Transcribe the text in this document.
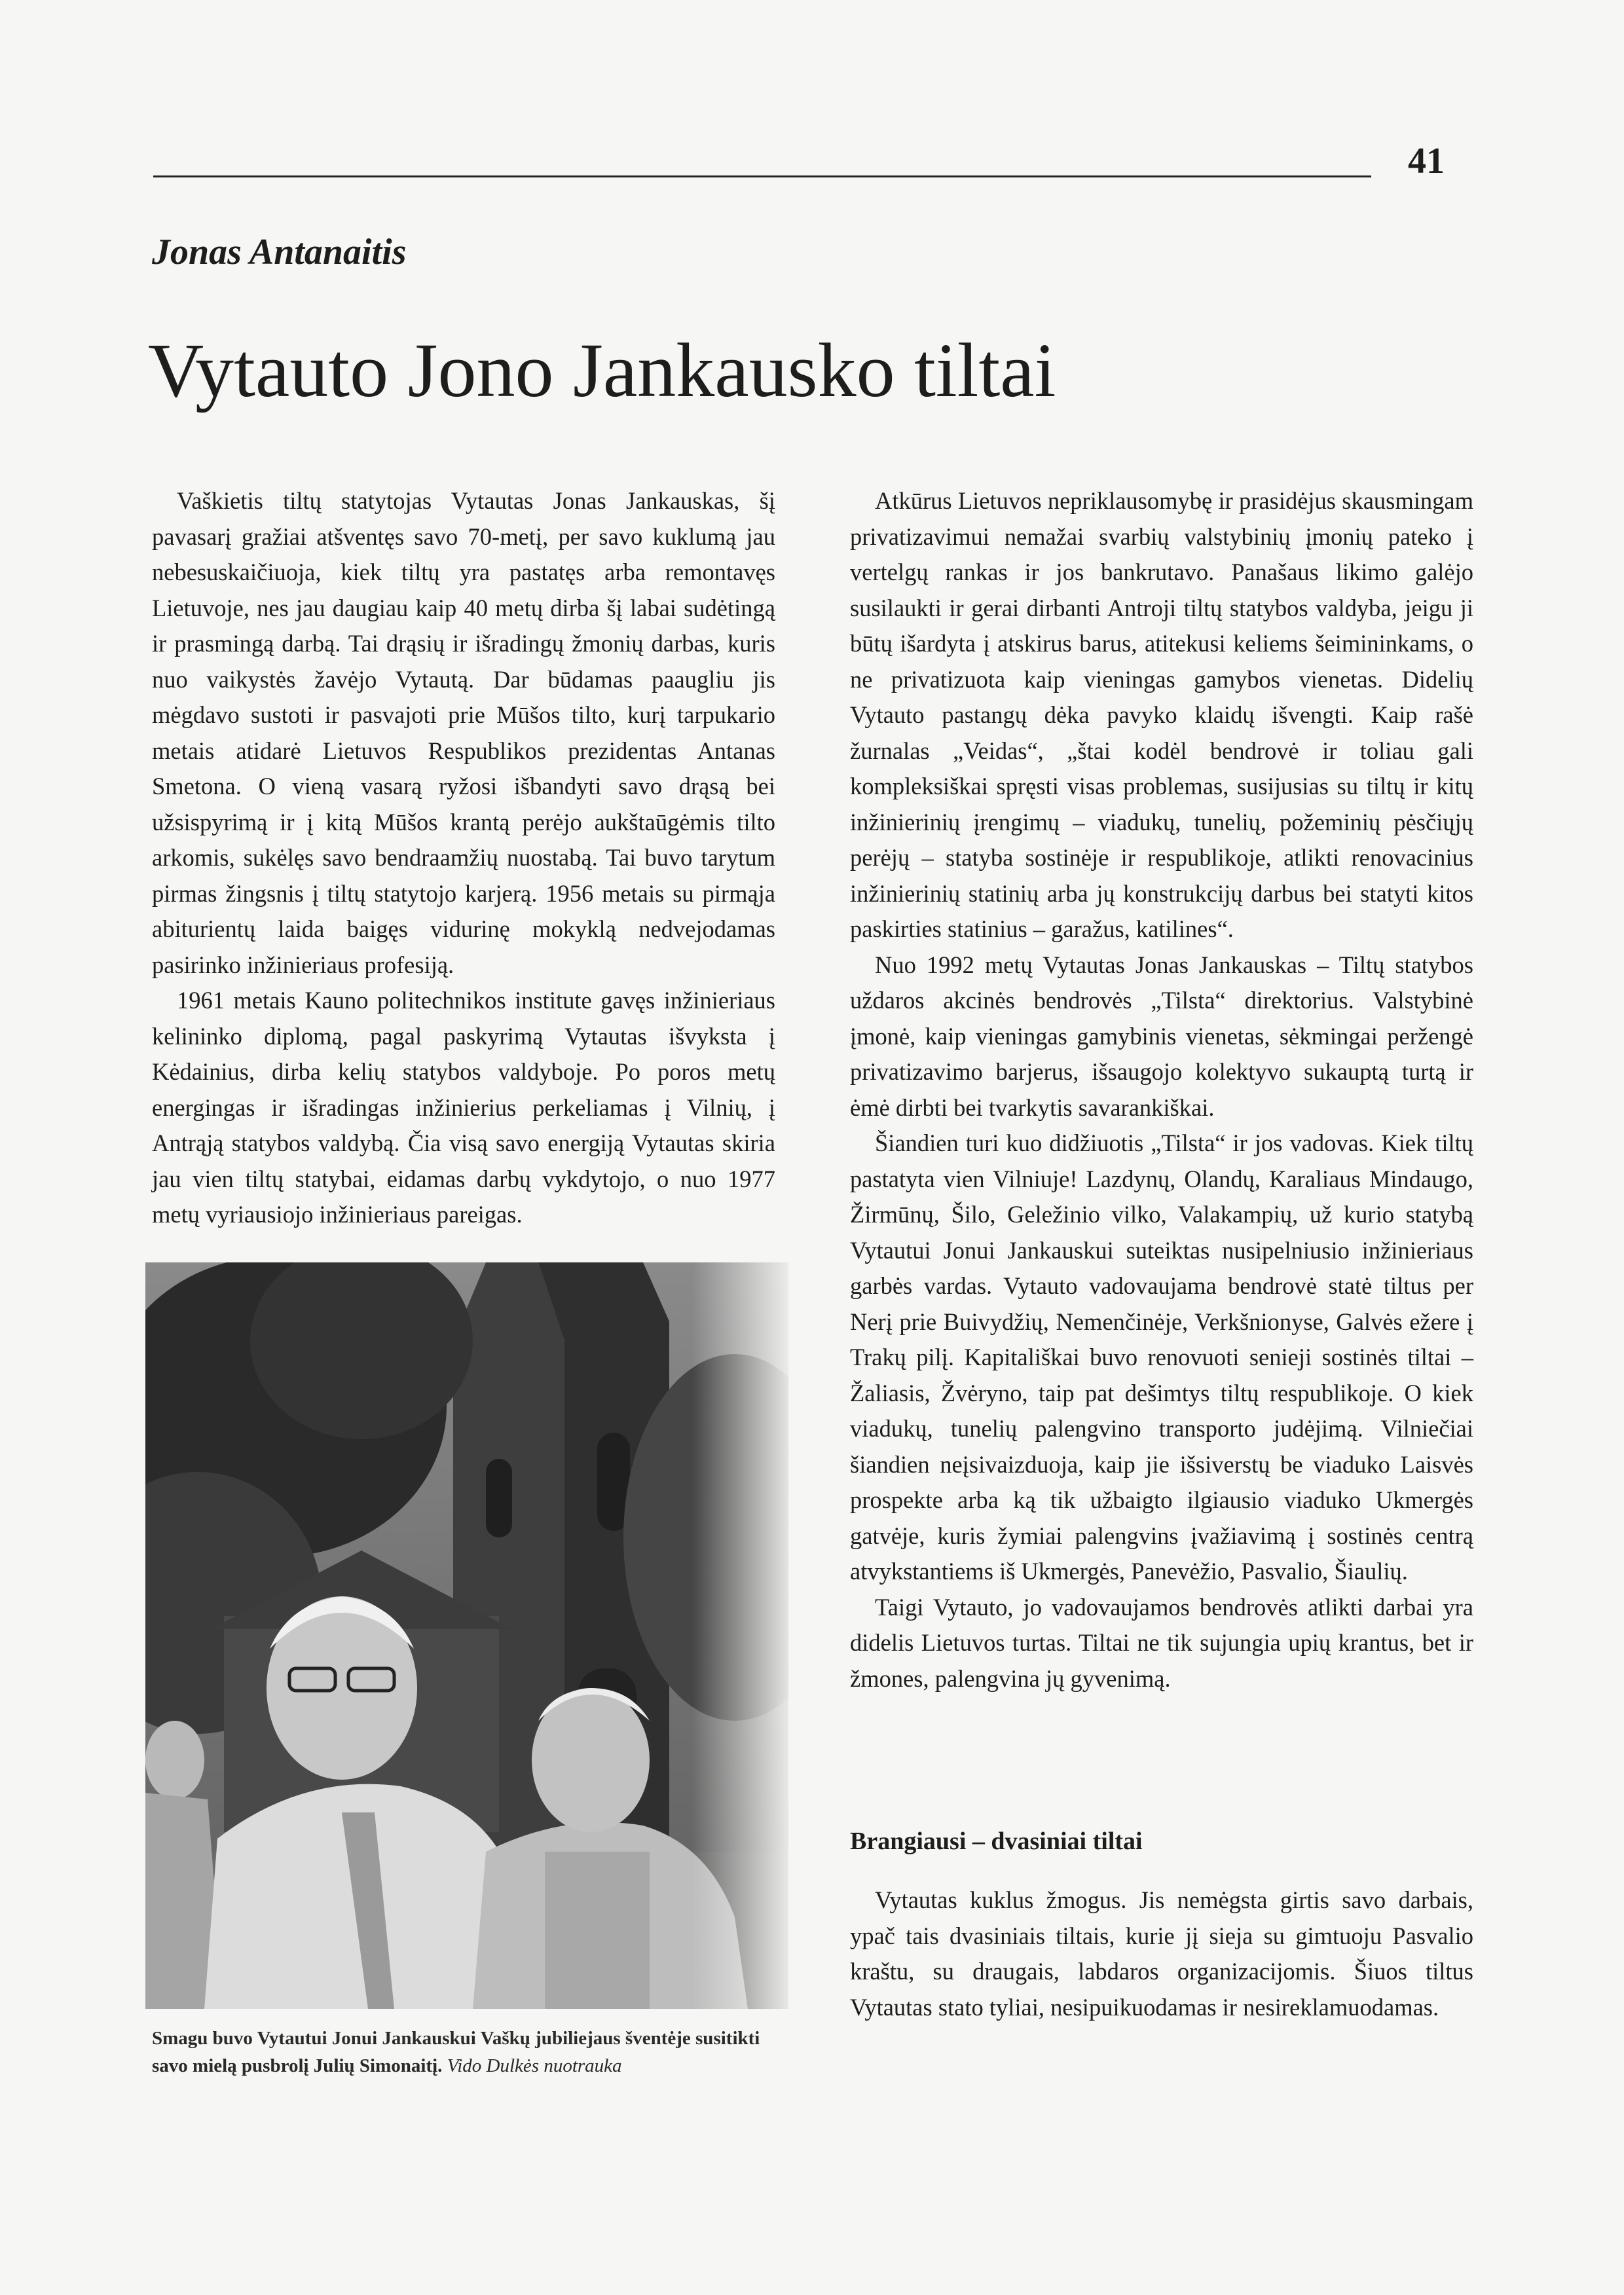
41
Jonas Antanaitis
Vytauto Jono Jankausko tiltai

Vaškietis tiltų statytojas Vytautas Jonas Jankauskas, šį pavasarį gražiai atšventęs savo 70-metį, per savo kuklumą jau nebesuskaičiuoja, kiek tiltų yra pastatęs arba remontavęs Lietuvoje, nes jau daugiau kaip 40 metų dirba šį labai sudėtingą ir prasmingą darbą. Tai drąsių ir išradingų žmonių darbas, kuris nuo vaikystės žavėjo Vytautą. Dar būdamas paaugliu jis mėgdavo sustoti ir pasvajoti prie Mūšos tilto, kurį tarpukario metais atidarė Lietuvos Respublikos prezidentas Antanas Smetona. O vieną vasarą ryžosi išbandyti savo drąsą bei užsispyrimą ir į kitą Mūšos krantą perėjo aukštaūgėmis tilto arkomis, sukėlęs savo bendraamžių nuostabą. Tai buvo tarytum pirmas žingsnis į tiltų statytojo karjerą. 1956 metais su pirmąja abiturientų laida baigęs vidurinę mokyklą nedvejodamas pasirinko inžinieriaus profesiją.

1961 metais Kauno politechnikos institute gavęs inžinieriaus kelininko diplomą, pagal paskyrimą Vytautas išvyksta į Kėdainius, dirba kelių statybos valdyboje. Po poros metų energingas ir išradingas inžinierius perkeliamas į Vilnių, į Antrąją statybos valdybą. Čia visą savo energiją Vytautas skiria jau vien tiltų statybai, eidamas darbų vykdytojo, o nuo 1977 metų vyriausiojo inžinieriaus pareigas.

Smagu buvo Vytautui Jonui Jankauskui Vaškų jubiliejaus šventėje susitikti savo mielą pusbrolį Julių Simonaitį. Vido Dulkės nuotrauka

Atkūrus Lietuvos nepriklausomybę ir prasidėjus skausmingam privatizavimui nemažai svarbių valstybinių įmonių pateko į vertelgų rankas ir jos bankrutavo. Panašaus likimo galėjo susilaukti ir gerai dirbanti Antroji tiltų statybos valdyba, jeigu ji būtų išardyta į atskirus barus, atitekusi keliems šeimininkams, o ne privatizuota kaip vieningas gamybos vienetas. Didelių Vytauto pastangų dėka pavyko klaidų išvengti. Kaip rašė žurnalas „Veidas“, „štai kodėl bendrovė ir toliau gali kompleksiškai spręsti visas problemas, susijusias su tiltų ir kitų inžinierinių įrengimų – viadukų, tunelių, požeminių pėsčiųjų perėjų – statyba sostinėje ir respublikoje, atlikti renovacinius inžinierinių statinių arba jų konstrukcijų darbus bei statyti kitos paskirties statinius – garažus, katilines“.

Nuo 1992 metų Vytautas Jonas Jankauskas – Tiltų statybos uždaros akcinės bendrovės „Tilsta“ direktorius. Valstybinė įmonė, kaip vieningas gamybinis vienetas, sėkmingai peržengė privatizavimo barjerus, išsaugojo kolektyvo sukauptą turtą ir ėmė dirbti bei tvarkytis savarankiškai.

Šiandien turi kuo didžiuotis „Tilsta“ ir jos vadovas. Kiek tiltų pastatyta vien Vilniuje! Lazdynų, Olandų, Karaliaus Mindaugo, Žirmūnų, Šilo, Geležinio vilko, Valakampių, už kurio statybą Vytautui Jonui Jankauskui suteiktas nusipelniusio inžinieriaus garbės vardas. Vytauto vadovaujama bendrovė statė tiltus per Nerį prie Buivydžių, Nemenčinėje, Verkšnionyse, Galvės ežere į Trakų pilį. Kapitališkai buvo renovuoti senieji sostinės tiltai – Žaliasis, Žvėryno, taip pat dešimtys tiltų respublikoje. O kiek viadukų, tunelių palengvino transporto judėjimą. Vilniečiai šiandien neįsivaizduoja, kaip jie išsiverstų be viaduko Laisvės prospekte arba ką tik užbaigto ilgiausio viaduko Ukmergės gatvėje, kuris žymiai palengvins įvažiavimą į sostinės centrą atvykstantiems iš Ukmergės, Panevėžio, Pasvalio, Šiaulių.

Taigi Vytauto, jo vadovaujamos bendrovės atlikti darbai yra didelis Lietuvos turtas. Tiltai ne tik sujungia upių krantus, bet ir žmones, palengvina jų gyvenimą.

Brangiausi – dvasiniai tiltai

Vytautas kuklus žmogus. Jis nemėgsta girtis savo darbais, ypač tais dvasiniais tiltais, kurie jį sieja su gimtuoju Pasvalio kraštu, su draugais, labdaros organizacijomis. Šiuos tiltus Vytautas stato tyliai, nesipuikuodamas ir nesireklamuodamas.
